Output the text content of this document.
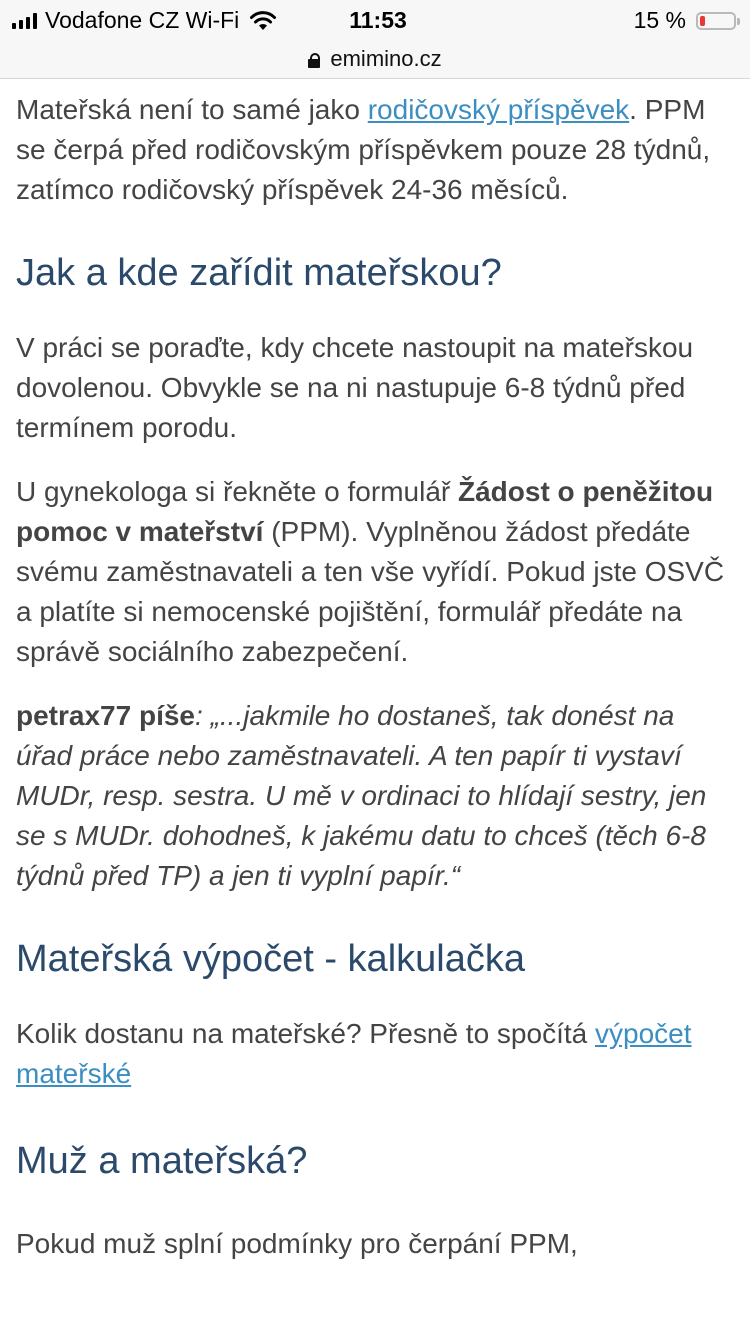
Vodafone CZ Wi-Fi	11:53	15 %
emimino.cz

Mateřská není to samé jako rodičovský příspěvek. PPM se čerpá před rodičovským příspěvkem pouze 28 týdnů, zatímco rodičovský příspěvek 24-36 měsíců.

Jak a kde zařídit mateřskou?

V práci se poraďte, kdy chcete nastoupit na mateřskou dovolenou. Obvykle se na ni nastupuje 6-8 týdnů před termínem porodu.

U gynekologa si řekněte o formulář Žádost o peněžitou pomoc v mateřství (PPM). Vyplněnou žádost předáte svému zaměstnavateli a ten vše vyřídí. Pokud jste OSVČ a platíte si nemocenské pojištění, formulář předáte na správě sociálního zabezpečení.

petrax77 píše: „...jakmile ho dostaneš, tak donést na úřad práce nebo zaměstnavateli. A ten papír ti vystaví MUDr, resp. sestra. U mě v ordinaci to hlídají sestry, jen se s MUDr. dohodneš, k jakému datu to chceš (těch 6-8 týdnů před TP) a jen ti vyplní papír.“

Mateřská výpočet - kalkulačka

Kolik dostanu na mateřské? Přesně to spočítá výpočet mateřské

Muž a mateřská?

Pokud muž splní podmínky pro čerpání PPM,
